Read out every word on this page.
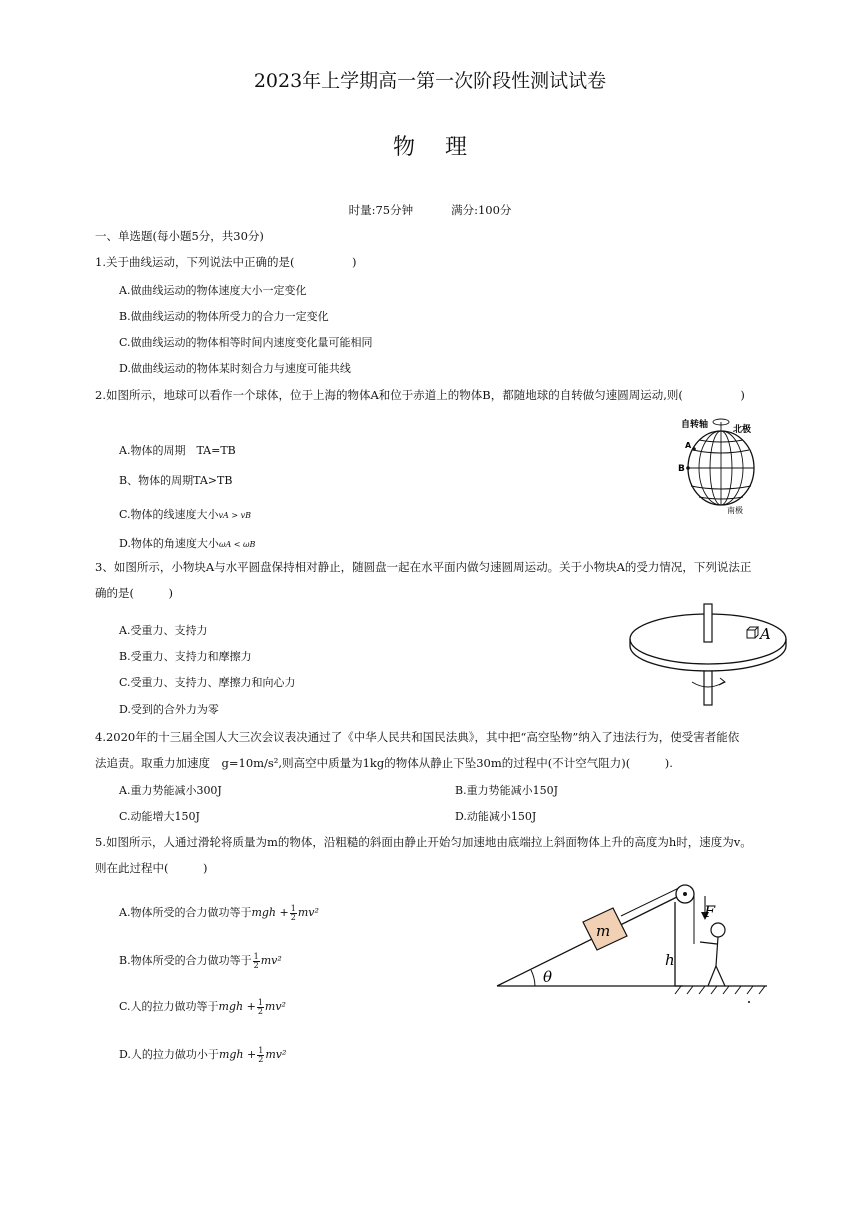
2023年上学期高一第一次阶段性测试试卷
物理
时量:75分钟	满分:100分
一、单选题(每小题5分，共30分)
1.关于曲线运动，下列说法中正确的是(　　　　　)
A.做曲线运动的物体速度大小一定变化
B.做曲线运动的物体所受力的合力一定变化
C.做曲线运动的物体相等时间内速度变化量可能相同
D.做曲线运动的物体某时刻合力与速度可能共线
2.如图所示，地球可以看作一个球体，位于上海的物体A和位于赤道上的物体B，都随地球的自转做匀速圆周运动,则(　　　　　)
A.物体的周期　TA=TB
B、物体的周期TA>TB
C.物体的线速度大小vA > vB
D.物体的角速度大小ωA < ωB
自转轴	北极
南极
A
B
3、如图所示，小物块A与水平圆盘保持相对静止，随圆盘一起在水平面内做匀速圆周运动。关于小物块A的受力情况，下列说法正
确的是(　　　)
A.受重力、支持力
B.受重力、支持力和摩擦力
C.受重力、支持力、摩擦力和向心力
D.受到的合外力为零
A
4.2020年的十三届全国人大三次会议表决通过了《中华人民共和国民法典》，其中把“高空坠物”纳入了违法行为，使受害者能依
法追责。取重力加速度　g=10m/s²,则高空中质量为1kg的物体从静止下坠30m的过程中(不计空气阻力)(　　　).
A.重力势能减小300J	B.重力势能减小150J
C.动能增大150J	D.动能减小150J
5.如图所示，人通过滑轮将质量为m的物体，沿粗糙的斜面由静止开始匀加速地由底端拉上斜面物体上升的高度为h时，速度为v。
则在此过程中(　　　)
A.物体所受的合力做功等于mgh + $\frac{1}{2} mv^2$
B.物体所受的合力做功等于 $\frac{1}{2} mv^2$
C.人的拉力做功等于mgh + $\frac{1}{2} mv^2$
D.人的拉力做功小于mgh + $\frac{1}{2} mv^2$
m
F
h
θ
